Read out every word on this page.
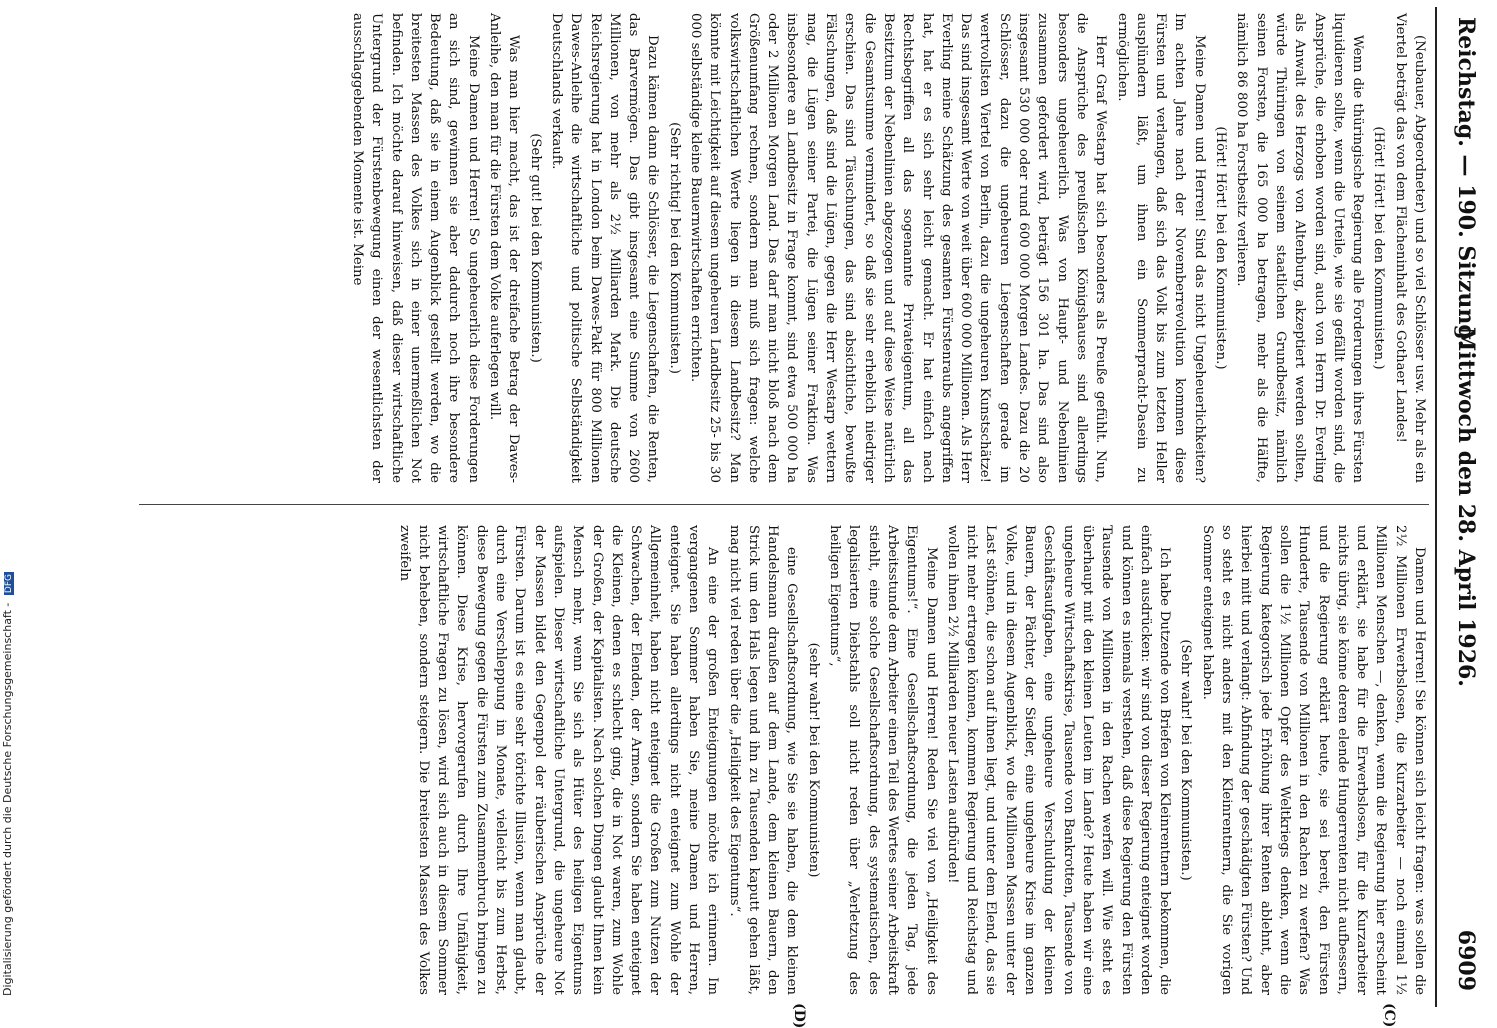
Digitalisierung gefördert durch die Deutsche Forschungsgemeinschaft - DFG
Reichstag. — 190. Sitzung.
Mittwoch den 28. April 1926.
6909
(C)
(D)

(Neubauer, Abgeordneter) und so viel Schlösser usw. Mehr als ein Viertel beträgt das von dem Flächeninhalt des Gothaer Landes!

(Hört! Hört! bei den Kommunisten.)

Wenn die thüringische Regierung alle Forderungen ihres Fürsten liquidieren sollte, wenn die Urteile, wie sie gefällt worden sind, die Ansprüche, die erhoben worden sind, auch von Herrn Dr. Everling als Anwalt des Herzogs von Altenburg, akzeptiert werden sollten, würde Thüringen von seinem staatlichen Grundbesitz, nämlich seinen Forsten, die 165 000 ha betragen, mehr als die Hälfte, nämlich 86 800 ha Forstbesitz verlieren.

(Hört! Hört! bei den Kommunisten.)

Meine Damen und Herren! Sind das nicht Ungeheuerlichkeiten? Im achten Jahre nach der Novemberrevolution kommen diese Fürsten und verlangen, daß sich das Volk bis zum letzten Heller ausplündern läßt, um ihnen ein Sommerpracht-Dasein zu ermöglichen.

Herr Graf Westarp hat sich besonders als Preuße gefühlt. Nun, die Ansprüche des preußischen Königshauses sind allerdings besonders ungeheuerlich. Was von Haupt- und Nebenlinien zusammen gefordert wird, beträgt 156 301 ha. Das sind also insgesamt 530 000 oder rund 600 000 Morgen Landes. Dazu die 20 Schlösser, dazu die ungeheuren Liegenschaften gerade im wertvollsten Viertel von Berlin, dazu die ungeheuren Kunstschätze! Das sind insgesamt Werte von weit über 600 000 Millionen. Als Herr Everling meine Schätzung des gesamten Fürstenraubs angegriffen hat, hat er es sich sehr leicht gemacht. Er hat einfach nach Rechtsbegriffen all das sogenannte Privateigentum, all das Besitztum der Nebenlinien abgezogen und auf diese Weise natürlich die Gesamtsumme vermindert, so daß sie sehr erheblich niedriger erschien. Das sind Täuschungen, das sind absichtliche, bewußte Fälschungen, daß sind die Lügen, gegen die Herr Westarp wettern mag, die Lügen seiner Partei, die Lügen seiner Fraktion. Was insbesondere an Landbesitz in Frage kommt, sind etwa 500 000 ha oder 2 Millionen Morgen Land. Das darf man nicht bloß nach dem Größenumfang rechnen, sondern man muß sich fragen: welche volkswirtschaftlichen Werte liegen in diesem Landbesitz? Man könnte mit Leichtigkeit auf diesem ungeheuren Landbesitz 25- bis 30 000 selbständige kleine Bauernwirtschaften errichten.

(Sehr richtig! bei den Kommunisten.)

Dazu kämen dann die Schlösser, die Liegenschaften, die Renten, das Barvermögen. Das gibt insgesamt eine Summe von 2600 Millionen, von mehr als 2½ Milliarden Mark. Die deutsche Reichsregierung hat in London beim Dawes-Pakt für 800 Millionen Dawes-Anleihe die wirtschaftliche und politische Selbständigkeit Deutschlands verkauft.

(Sehr gut! bei den Kommunisten.)

Was man hier macht, das ist der dreifache Betrag der Dawes-Anleihe, den man für die Fürsten dem Volke auferlegen will.

Meine Damen und Herren! So ungeheuerlich diese Forderungen an sich sind, gewinnen sie aber dadurch noch ihre besondere Bedeutung, daß sie in einem Augenblick gestellt werden, wo die breitesten Massen des Volkes sich in einer unermeßlichen Not befinden. Ich möchte darauf hinweisen, daß dieser wirtschaftliche Untergrund der Fürstenbewegung einen der wesentlichsten der ausschlaggebenden Momente ist. Meine

Damen und Herren! Sie können sich leicht fragen: was sollen die 2½ Millionen Erwerbslosen, die Kurzarbeiter — noch einmal 1½ Millionen Menschen —, denken, wenn die Regierung hier erscheint und erklärt, sie habe für die Erwerbslosen, für die Kurzarbeiter nichts übrig, sie könne deren elende Hungerrenten nicht aufbessern, und die Regierung erklärt heute, sie sei bereit, den Fürsten Hunderte, Tausende von Millionen in den Rachen zu werfen? Was sollen die 1½ Millionen Opfer des Weltkriegs denken, wenn die Regierung kategorisch jede Erhöhung ihrer Renten ablehnt, aber hierbei mitt und verlangt: Abfindung der geschädigten Fürsten? Und so steht es nicht anders mit den Kleinrentnern, die Sie vorigen Sommer enteignet haben.

(Sehr wahr! bei den Kommunisten.)

Ich habe Dutzende von Briefen von Kleinrentnern bekommen, die einfach ausdrücken: wir sind von dieser Regierung enteignet worden und können es niemals verstehen, daß diese Regierung den Fürsten Tausende von Millionen in den Rachen werfen will. Wie steht es überhaupt mit den kleinen Leuten im Lande? Heute haben wir eine ungeheure Wirtschaftskrise, Tausende von Bankrotten, Tausende von Geschäftsaufgaben, eine ungeheure Verschuldung der kleinen Bauern, der Pächter, der Siedler, eine ungeheure Krise im ganzen Volke, und in diesem Augenblick, wo die Millionen Massen unter der Last stöhnen, die schon auf ihnen liegt, und unter dem Elend, das sie nicht mehr ertragen können, kommen Regierung und Reichstag und wollen ihnen 2½ Milliarden neuer Lasten aufbürden!

Meine Damen und Herren! Reden Sie viel von „Heiligkeit des Eigentums!“. Eine Gesellschaftsordnung, die jeden Tag, jede Arbeitsstunde dem Arbeiter einen Teil des Wertes seiner Arbeitskraft stiehlt, eine solche Gesellschaftsordnung, des systematischen, des legalisierten Diebstahls soll nicht reden über „Verletzung des heiligen Eigentums“,

(sehr wahr! bei den Kommunisten)

eine Gesellschaftsordnung, wie Sie sie haben, die dem kleinen Handelsmann draußen auf dem Lande, dem kleinen Bauern, den Strick um den Hals legen und ihn zu Tausenden kaputt gehen läßt, mag nicht viel reden über die „Heiligkeit des Eigentums“.

An eine der großen Enteignungen möchte ich erinnern. Im vergangenen Sommer haben Sie, meine Damen und Herren, enteignet. Sie haben allerdings nicht enteignet zum Wohle der Allgemeinheit, haben nicht enteignet die Großen zum Nutzen der Schwachen, der Elenden, der Armen, sondern Sie haben enteignet die Kleinen, denen es schlecht ging, die in Not waren, zum Wohle der Großen, der Kapitalisten. Nach solchen Dingen glaubt Ihnen kein Mensch mehr, wenn Sie sich als Hüter des heiligen Eigentums aufspielen. Dieser wirtschaftliche Untergrund, die ungeheure Not der Massen bildet den Gegenpol der räuberischen Ansprüche der Fürsten. Darum ist es eine sehr törichte Illusion, wenn man glaubt, durch eine Verschleppung im Monate, vielleicht bis zum Herbst, diese Bewegung gegen die Fürsten zum Zusammenbruch bringen zu können. Diese Krise, hervorgerufen durch Ihre Unfähigkeit, wirtschaftliche Fragen zu lösen, wird sich auch in diesem Sommer nicht beheben, sondern steigern. Die breitesten Massen des Volkes zweifeln
